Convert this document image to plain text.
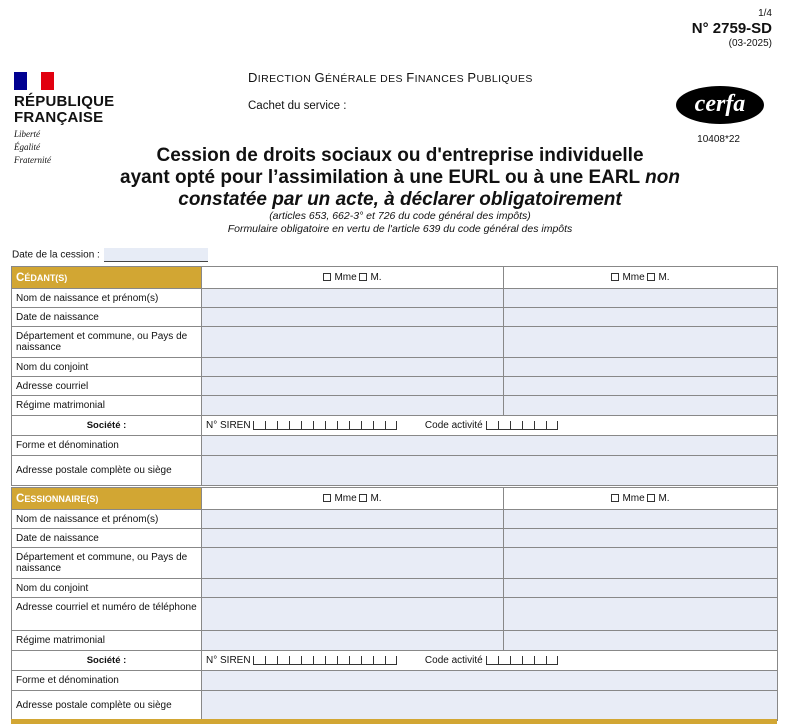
1/4
N° 2759-SD
(03-2025)
RÉPUBLIQUE
FRANÇAISE
Liberté
Égalité
Fraternité
DIRECTION GÉNÉRALE DES FINANCES PUBLIQUES
Cachet du service :	cerfa
10408*22
Cession de droits sociaux ou d'entreprise individuelle
ayant opté pour l’assimilation à une EURL ou à une EARL non
constatée par un acte, à déclarer obligatoirement
(articles 653, 662-3° et 726 du code général des impôts)
Formulaire obligatoire en vertu de l'article 639 du code général des impôts
Date de la cession :
CÉDANT(S)	Mme M.	Mme M.
Nom de naissance et prénom(s)		
Date de naissance		
Département et commune, ou Pays de naissance		
Nom du conjoint		
Adresse courriel		
Régime matrimonial		
Société :	N° SIREN Code activité	
Forme et dénomination		
Adresse postale complète ou siège		
CESSIONNAIRE(S)	Mme M.	Mme M.
Nom de naissance et prénom(s)		
Date de naissance		
Département et commune, ou Pays de naissance		
Nom du conjoint		
Adresse courriel et numéro de téléphone		
Régime matrimonial		
Société :	N° SIREN Code activité	
Forme et dénomination		
Adresse postale complète ou siège		
